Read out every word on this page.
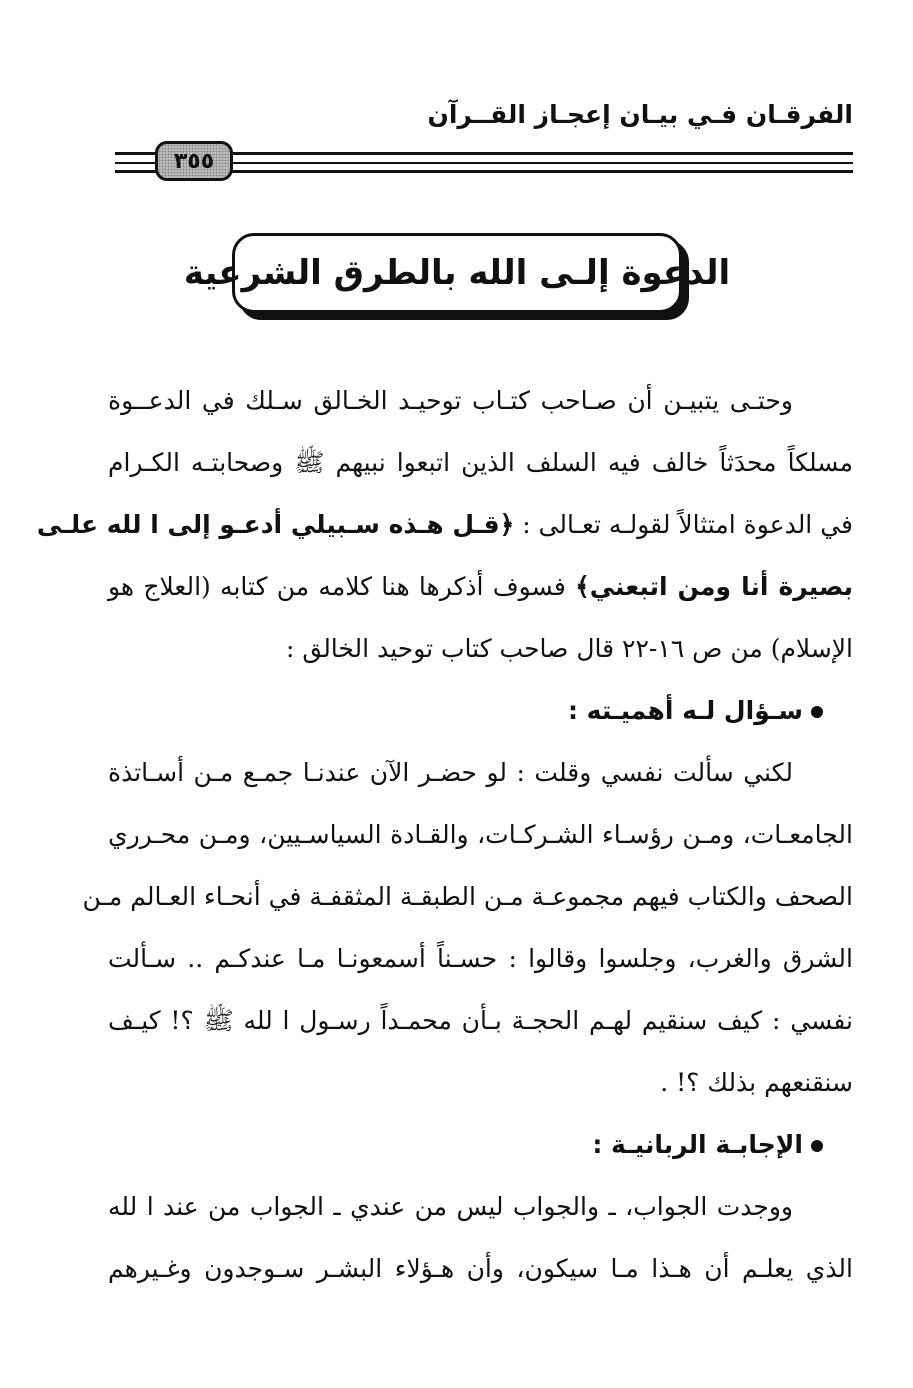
الفرقـان فـي بيـان إعجـاز القــرآن
٣٥٥
الدعوة إلـى الله بالطرق الشرعية
وحتـى يتبيـن أن صـاحب كتـاب توحيـد الخـالق سـلك في الدعــوة
مسلكاً محدَثاً خالف فيه السلف الذين اتبعوا نبيهم ﷺ وصحابتـه الكـرام
في الدعوة امتثالاً لقولـه تعـالى : ﴿قـل هـذه سـبيلي أدعـو إلى ا لله علـى
بصيرة أنا ومن اتبعني﴾ فسوف أذكرها هنا كلامه من كتابه (العلاج هو
الإسلام) من ص ١٦-٢٢ قال صاحب كتاب توحيد الخالق :
سـؤال لـه أهميـته :
لكني سألت نفسي وقلت : لو حضـر الآن عندنـا جمـع مـن أسـاتذة
الجامعـات، ومـن رؤسـاء الشـركـات، والقـادة السياسـيين، ومـن محـرري
الصحف والكتاب فيهم مجموعـة مـن الطبقـة المثقفـة في أنحـاء العـالم مـن
الشرق والغرب، وجلسوا وقالوا : حسـناً أسمعونـا مـا عندكـم .. سـألت
نفسي : كيف سنقيم لهـم الحجـة بـأن محمـداً رسـول ا لله ﷺ ؟! كيـف
سنقنعهم بذلك ؟! .
الإجابـة الربانيـة :
ووجدت الجواب، ـ والجواب ليس من عندي ـ الجواب من عند ا لله
الذي يعلـم أن هـذا مـا سيكون، وأن هـؤلاء البشـر سـوجدون وغـيرهم
